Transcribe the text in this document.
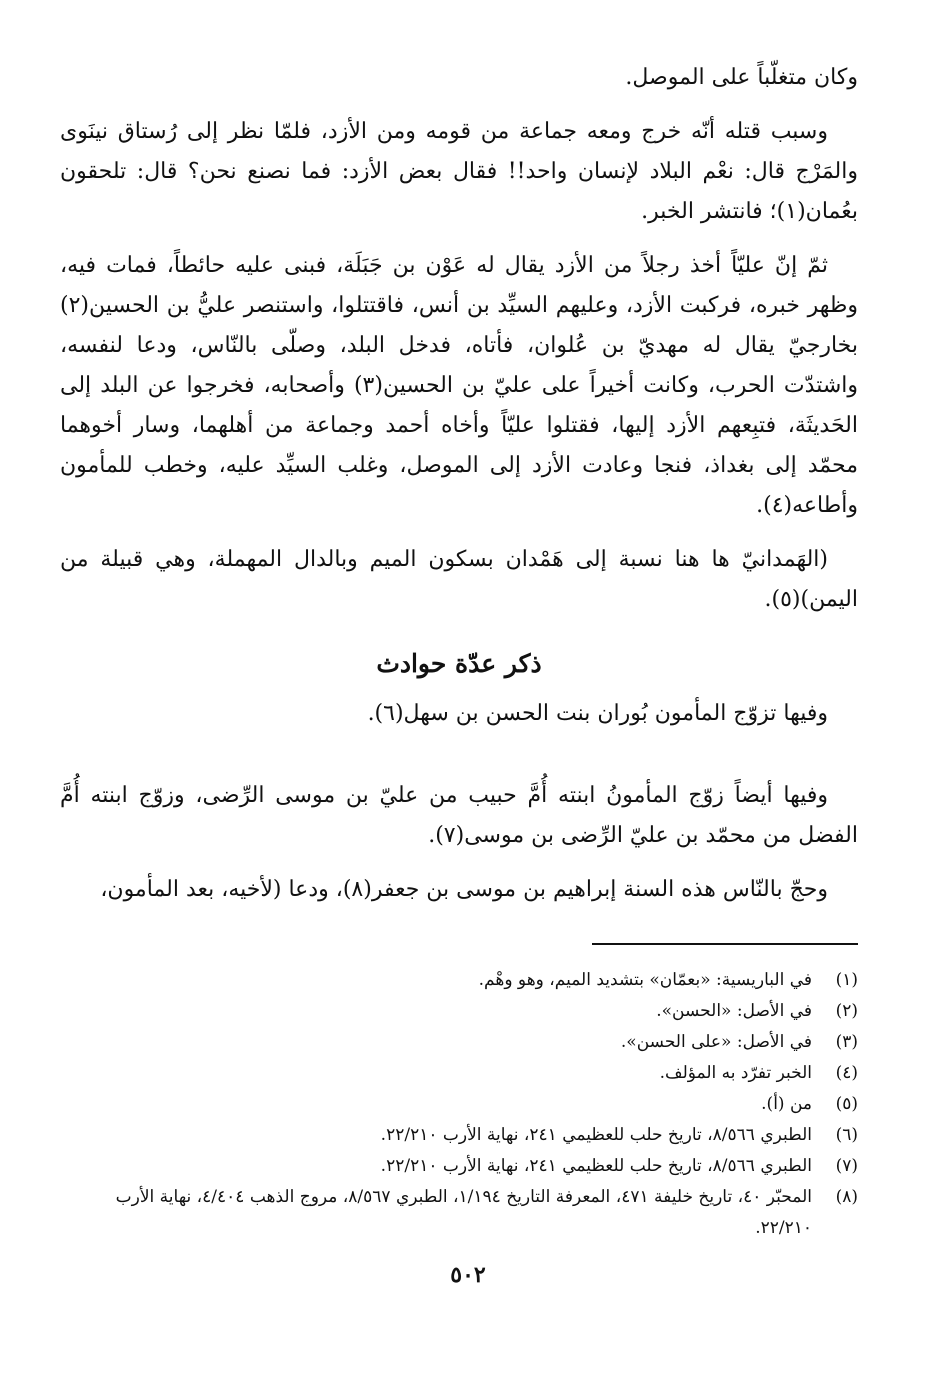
وكان متغلّباً على الموصل.

وسبب قتله أنّه خرج ومعه جماعة من قومه ومن الأزد، فلمّا نظر إلى رُستاق نينَوى والمَرْج قال: نعْم البلاد لإنسان واحد!! فقال بعض الأزد: فما نصنع نحن؟ قال: تلحقون بعُمان(١)؛ فانتشر الخبر.

ثمّ إنّ عليّاً أخذ رجلاً من الأزد يقال له عَوْن بن جَبَلَة، فبنى عليه حائطاً، فمات فيه، وظهر خبره، فركبت الأزد، وعليهم السيِّد بن أنس، فاقتتلوا، واستنصر عليُّ بن الحسين(٢) بخارجيّ يقال له مهديّ بن عُلوان، فأتاه، فدخل البلد، وصلّى بالنّاس، ودعا لنفسه، واشتدّت الحرب، وكانت أخيراً على عليّ بن الحسين(٣) وأصحابه، فخرجوا عن البلد إلى الحَديثَة، فتبِعهم الأزد إليها، فقتلوا عليّاً وأخاه أحمد وجماعة من أهلهما، وسار أخوهما محمّد إلى بغداذ، فنجا وعادت الأزد إلى الموصل، وغلب السيِّد عليه، وخطب للمأمون وأطاعه(٤).

(الهَمدانيّ ها هنا نسبة إلى هَمْدان بسكون الميم وبالدال المهملة، وهي قبيلة من اليمن)(٥).

ذكر عدّة حوادث

وفيها تزوّج المأمون بُوران بنت الحسن بن سهل(٦).

وفيها أيضاً زوّج المأمونُ ابنته أُمَّ حبيب من عليّ بن موسى الرِّضى، وزوّج ابنته أُمَّ الفضل من محمّد بن عليّ الرِّضى بن موسى(٧).

وحجّ بالنّاس هذه السنة إبراهيم بن موسى بن جعفر(٨)، ودعا (لأخيه، بعد المأمون،

(١)
في الباريسية: «بعمّان» بتشديد الميم، وهو وهْم.
(٢)
في الأصل: «الحسن».
(٣)
في الأصل: «على الحسن».
(٤)
الخبر تفرّد به المؤلف.
(٥)
من (أ).
(٦)
الطبري ٨/٥٦٦، تاريخ حلب للعظيمي ٢٤١، نهاية الأرب ٢٢/٢١٠.
(٧)
الطبري ٨/٥٦٦، تاريخ حلب للعظيمي ٢٤١، نهاية الأرب ٢٢/٢١٠.
(٨)
المحبّر ٤٠، تاريخ خليفة ٤٧١، المعرفة التاريخ ١/١٩٤، الطبري ٨/٥٦٧، مروج الذهب ٤/٤٠٤، نهاية الأرب ٢٢/٢١٠.
٥٠٢
